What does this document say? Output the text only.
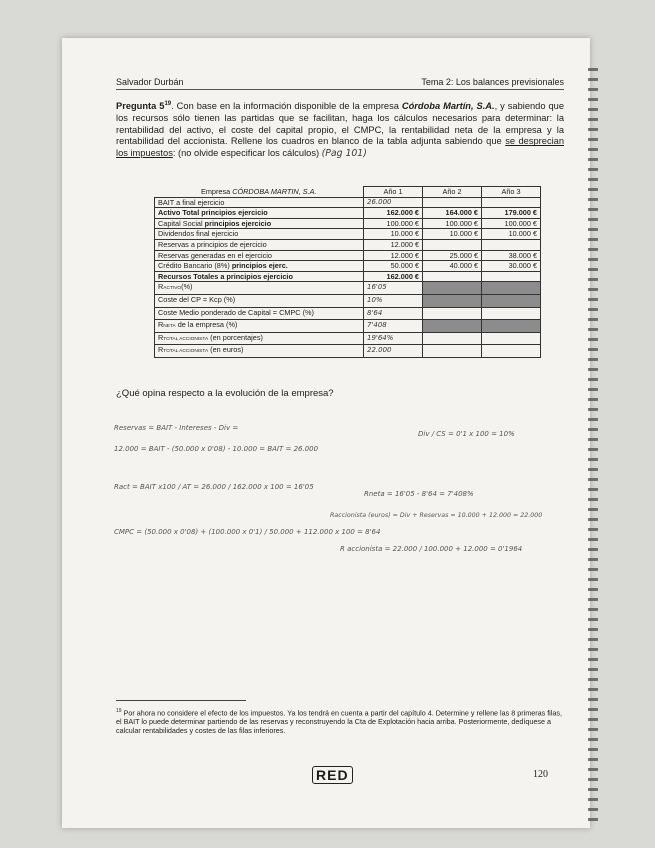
Salvador Durbán	Tema 2: Los balances previsionales
Pregunta $5^{19}$. Con base en la información disponible de la empresa Córdoba Martín, S.A., y sabiendo que los recursos sólo tienen las partidas que se facilitan, haga los cálculos necesarios para determinar: la rentabilidad del activo, el coste del capital propio, el CMPC, la rentabilidad neta de la empresa y la rentabilidad del accionista. Rellene los cuadros en blanco de la tabla adjunta sabiendo que se desprecian los impuestos: (no olvide especificar los cálculos) (Pag 101)
Empresa CÓRDOBA MARTIN, S.A.	Año 1	Año 2	Año 3
BAIT a final ejercicio	26.000		
Activo Total principios ejercicio	162.000 €	164.000 €	179.000 €
Capital Social principios ejercicio	100.000 €	100.000 €	100.000 €
Dividendos final ejercicio	10.000 €	10.000 €	10.000 €
Reservas a principios de ejercicio	12.000 €		
Reservas generadas en el ejercicio	12.000 €	25.000 €	38.000 €
Crédito Bancario (8%) principios ejerc.	50.000 €	40.000 €	30.000 €
Recursos Totales a principios ejercicio	162.000 €		
RACTIVO(%)	16'05		
Coste del CP = Kcp (%)	10%		
Coste Medio ponderado de Capital = CMPC (%)	8'64		
RNETA de la empresa (%)	7'408		
RTOTAL ACCIONISTA (en porcentajes)	19'64%		
RTOTAL ACCIONISTA (en euros)	22.000		
¿Qué opina respecto a la evolución de la empresa?
Reservas = BAIT - Intereses - Div =
12.000 = BAIT - (50.000 x 0'08) - 10.000 = BAIT = 26.000
Div / CS = 0'1 x 100 = 10%
Ract = BAIT x100 / AT = 26.000 / 162.000 x 100 = 16'05
Rneta = 16'05 - 8'64 = 7'408%
CMPC = (50.000 x 0'08) + (100.000 x 0'1) / 50.000 + 112.000 x 100 = 8'64
Raccionista (euros) = Div + Reservas = 10.000 + 12.000 = 22.000
R accionista = 22.000 / 100.000 + 12.000 = 0'1964
$^{19}$ Por ahora no considere el efecto de los impuestos. Ya los tendrá en cuenta a partir del capítulo 4. Determine y rellene las 8 primeras filas, el BAIT lo puede determinar partiendo de las reservas y reconstruyendo la Cta de Explotación hacia arriba. Posteriormente, dedíquese a calcular rentabilidades y costes de las filas inferiores.
RED	120
